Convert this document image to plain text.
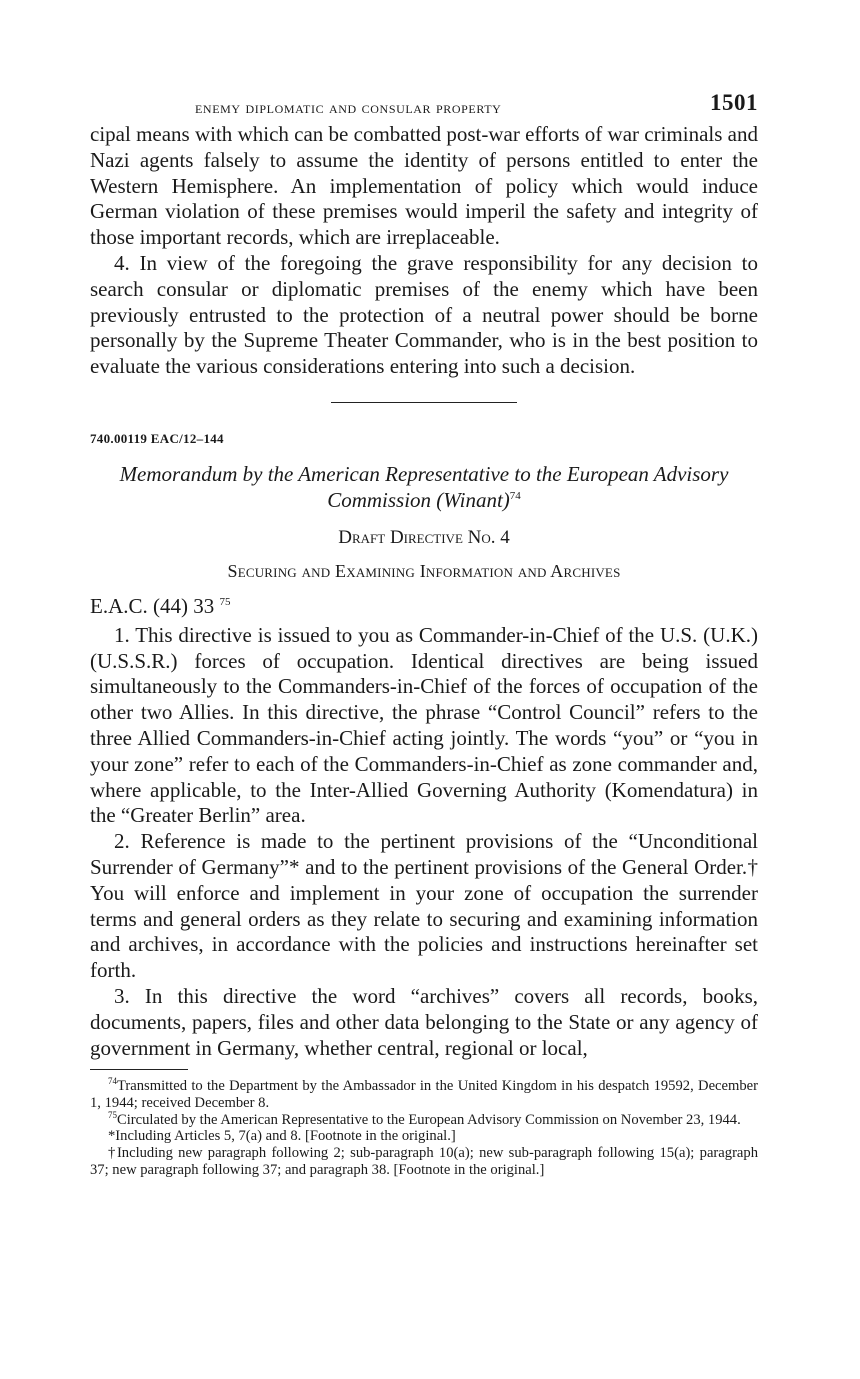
enemy diplomatic and consular property	1501

cipal means with which can be combatted post-war efforts of war criminals and Nazi agents falsely to assume the identity of persons entitled to enter the Western Hemisphere. An implementation of policy which would induce German violation of these premises would imperil the safety and integrity of those important records, which are irreplaceable.

4. In view of the foregoing the grave responsibility for any decision to search consular or diplomatic premises of the enemy which have been previously entrusted to the protection of a neutral power should be borne personally by the Supreme Theater Commander, who is in the best position to evaluate the various considerations entering into such a decision.

740.00119 EAC/12–144
Memorandum by the American Representative to the European Advisory Commission (Winant)$^{74}$
Draft Directive No. 4
Securing and Examining Information and Archives
E.A.C. (44) 33 $^{75}$

1. This directive is issued to you as Commander-in-Chief of the U.S. (U.K.) (U.S.S.R.) forces of occupation. Identical directives are being issued simultaneously to the Commanders-in-Chief of the forces of occupation of the other two Allies. In this directive, the phrase “Control Council” refers to the three Allied Commanders-in-Chief acting jointly. The words “you” or “you in your zone” refer to each of the Commanders-in-Chief as zone commander and, where applicable, to the Inter-Allied Governing Authority (Komendatura) in the “Greater Berlin” area.

2. Reference is made to the pertinent provisions of the “Unconditional Surrender of Germany”* and to the pertinent provisions of the General Order.† You will enforce and implement in your zone of occupation the surrender terms and general orders as they relate to securing and examining information and archives, in accordance with the policies and instructions hereinafter set forth.

3. In this directive the word “archives” covers all records, books, documents, papers, files and other data belonging to the State or any agency of government in Germany, whether central, regional or local,

$^{74}$Transmitted to the Department by the Ambassador in the United Kingdom in his despatch 19592, December 1, 1944; received December 8.

$^{75}$Circulated by the American Representative to the European Advisory Commission on November 23, 1944.

*Including Articles 5, 7(a) and 8. [Footnote in the original.]

†Including new paragraph following 2; sub-paragraph 10(a); new sub-paragraph following 15(a); paragraph 37; new paragraph following 37; and paragraph 38. [Footnote in the original.]
